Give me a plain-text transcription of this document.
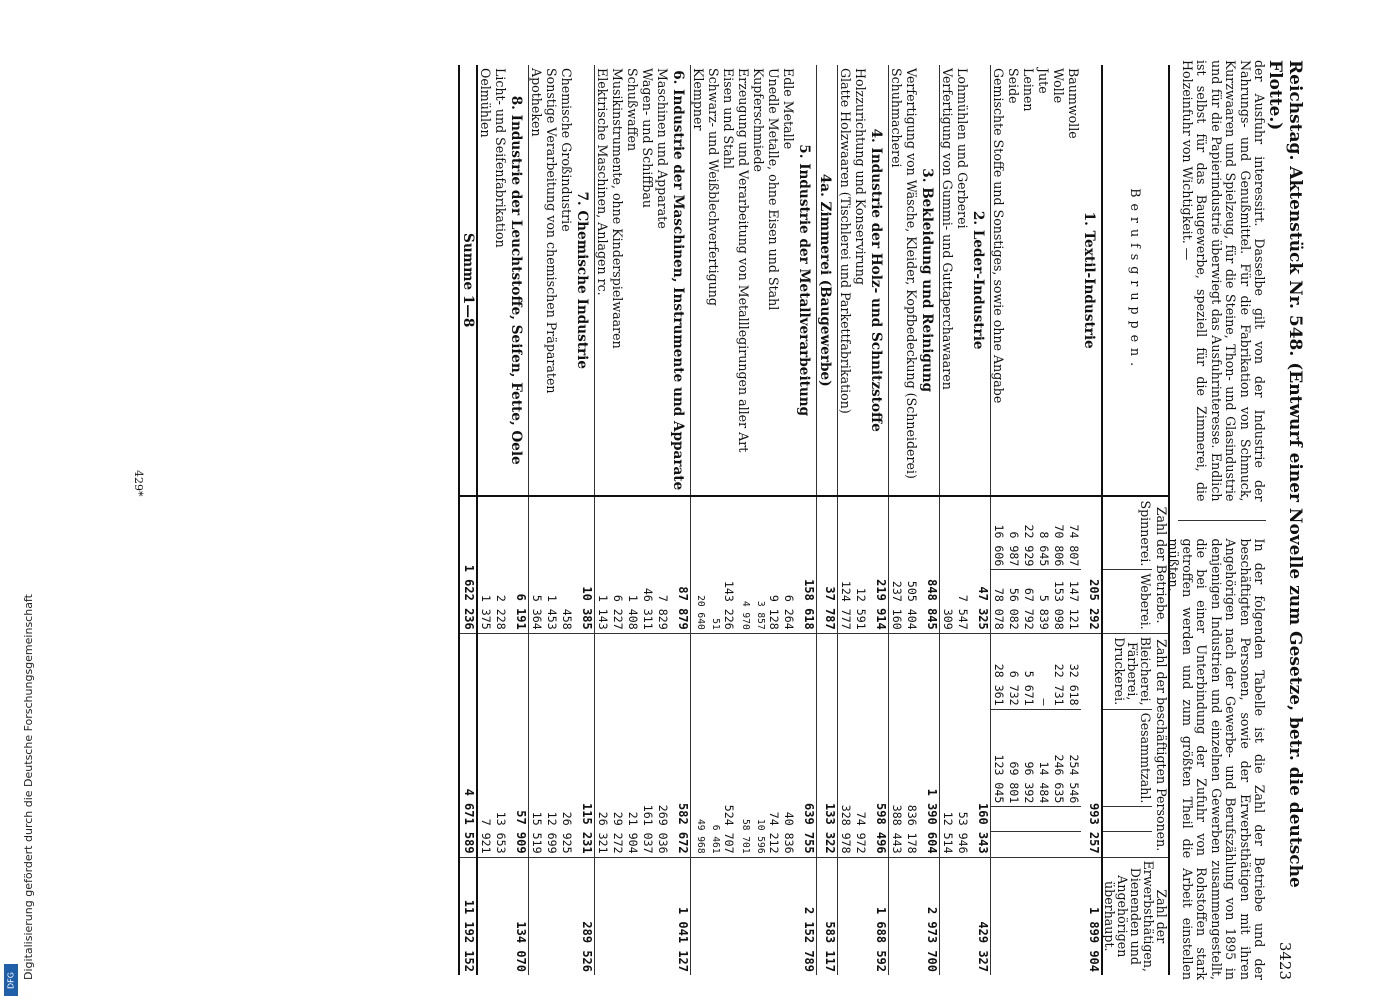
Reichstag. Aktenstück Nr. 548. (Entwurf einer Novelle zum Gesetze, betr. die deutsche Flotte.)
3423
der Ausfuhr interessirt. Dasselbe gilt von der Industrie der Nahrungs- und Genußmittel. Für die Fabrikation von Schmuck, Kurzwaaren und Spielzeug, für die Steine, Thon- und Glasindustrie und für die Papierindustrie überwiegt das Ausfuhrinteresse. Endlich ist selbst für das Baugewerbe, speziell für die Zimmerei, die Holzeinfuhr von Wichtigkeit. —
In der folgenden Tabelle ist die Zahl der Betriebe und der beschäftigten Personen, sowie der Erwerbsthätigen mit ihren Angehörigen nach der Gewerbe- und Berufszählung von 1895 in denjenigen Industrien und einzelnen Gewerben zusammengestellt, die bei einer Unterbindung der Zufuhr von Rohstoffen stark getroffen werden und zum größten Theil die Arbeit einstellen müßten.
Berufsgruppen.	Zahl der Betriebe.		Zahl der beschäftigten Personen.				Zahl der Erwerbsthätigen, Dienenden und Angehörigen überhaupt.
	Spinnerei.	Weberei.	Bleicherei, Färberei, Druckerei.	Gesammtzahl.			
1. Textil-Industrie	205 292		993 257				1 899 904
Baumwolle	74 807	147 121	32 618	254 546			
Wolle	70 806	153 098	22 731	246 635			
Jute	8 645	5 839	—	14 484			
Leinen	22 929	67 792	5 671	96 392			
Seide	6 987	56 082	6 732	69 801			
Gemischte Stoffe und Sonstiges, sowie ohne Angabe	16 606	78 078	28 361	123 045			
2. Leder-Industrie	47 325		160 343				429 327
Lohmühlen und Gerberei	7 547		53 946				
Verfertigung von Gummi- und Guttaperchawaaren	309		12 514				
3. Bekleidung und Reinigung	848 845		1 390 604				2 973 700
Verfertigung von Wäsche, Kleider, Kopfbedeckung (Schneiderei)	505 404		836 178				
Schuhmacherei	237 160		388 443				
4. Industrie der Holz- und Schnitzstoffe	219 914		598 496				1 688 592
Holzzurichtung und Konservirung	12 591		74 972				
Glatte Holzwaaren (Tischlerei und Parkettfabrikation)	124 777		328 978				
4a. Zimmerei (Baugewerbe)	37 787		133 322				583 117
5. Industrie der Metallverarbeitung	158 618		639 755				2 152 789
Edle Metalle	6 264		40 836				
Unedle Metalle, ohne Eisen und Stahl	9 128		74 212				
Kupferschmiede	3 857		10 596				
Erzeugung und Verarbeitung von Metalllegirungen aller Art	4 970		58 701				
Eisen und Stahl	143 226		524 707				
Schwarz- und Weißblechverfertigung	51		6 461				
Klempner	20 640		49 968				
6. Industrie der Maschinen, Instrumente und Apparate	87 879		582 672				1 041 127
Maschinen und Apparate	7 829		269 036				
Wagen- und Schiffbau	46 311		161 037				
Schußwaffen	1 408		21 904				
Musikinstrumente, ohne Kinderspielwaaren	6 227		29 272				
Elektrische Maschinen, Anlagen rc.	1 143		26 321				
7. Chemische Industrie	10 385		115 231				289 526
Chemische Großindustrie	458		26 925				
Sonstige Verarbeitung von chemischen Präparaten	1 453		12 699				
Apotheken	5 364		15 519				
8. Industrie der Leuchtstoffe, Seifen, Fette, Oele	6 191		57 909				134 070
Licht- und Seifenfabrikation	2 228		13 653				
Oelmühlen	1 375		7 921				
Summe 1—8	1 622 236		4 671 589				11 192 152
429*
Digitalisierung gefördert durch die Deutsche Forschungsgemeinschaft
DFG
